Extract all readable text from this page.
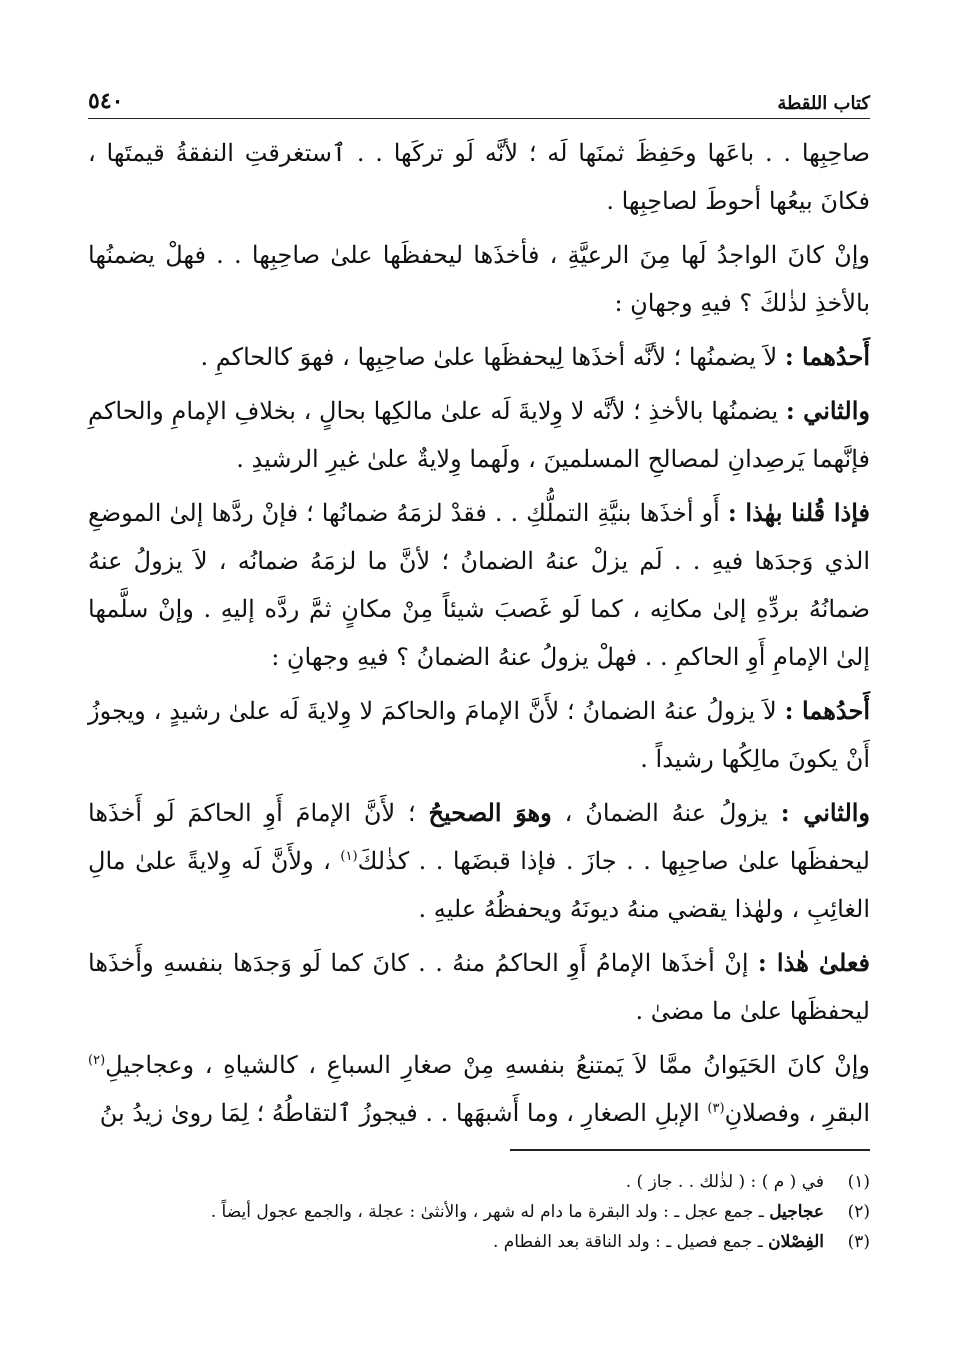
كتاب اللقطة
٥٤٠

صاحِبِها . . باعَها وحَفِظَ ثمنَها لَه ؛ لأنَّه لَو تركَها . . ٱستغرقتِ النفقةُ قيمتَها ، فكانَ بيعُها أحوطَ لصاحِبِها .

وإنْ كانَ الواجدُ لَها مِنَ الرعيَّةِ ، فأخذَها ليحفظَها علىٰ صاحِبِها . . فهلْ يضمنُها بالأخذِ لذٰلكَ ؟ فيهِ وجهانِ :

أَحدُهما : لاَ يضمنُها ؛ لأنَّه أخذَها لِيحفظَها علىٰ صاحِبِها ، فهوَ كالحاكمِ .

والثاني : يضمنُها بالأخذِ ؛ لأنَّه لا وِلايةَ لَه علىٰ مالكِها بحالٍ ، بخلافِ الإمامِ والحاكمِ فإنَّهما يَرصِدانِ لمصالحِ المسلمينَ ، ولَهما وِلايةٌ علىٰ غيرِ الرشيدِ .

فإذا قُلنا بهٰذا : أَو أخذَها بنيَّةِ التملُّكِ . . فقدْ لزمَهُ ضمانُها ؛ فإنْ ردَّها إلىٰ الموضعِ الذي وَجدَها فيهِ . . لَم يزلْ عنهُ الضمانُ ؛ لأنَّ ما لزمَهُ ضمانُه ، لاَ يزولُ عنهُ ضمانُهُ بردِّهِ إلىٰ مكانِه ، كما لَو غَصبَ شيئاً مِنْ مكانٍ ثمَّ ردَّه إليهِ . وإنْ سلَّمها إلىٰ الإمامِ أَوِ الحاكمِ . . فهلْ يزولُ عنهُ الضمانُ ؟ فيهِ وجهانِ :

أَحدُهما : لاَ يزولُ عنهُ الضمانُ ؛ لأَنَّ الإمامَ والحاكمَ لا وِلايةَ لَه علىٰ رشيدٍ ، ويجوزُ أَنْ يكونَ مالِكُها رشيداً .

والثاني : يزولُ عنهُ الضمانُ ، وهوَ الصحيحُ ؛ لأَنَّ الإمامَ أَوِ الحاكمَ لَو أَخذَها ليحفظَها علىٰ صاحِبِها . . جازَ . فإذا قبضَها . . كذٰلكَ$^{(١)}$ ، ولأَنَّ لَه وِلايةً علىٰ مالِ الغائِبِ ، ولهٰذا يقضي منهُ ديونَهُ ويحفظُهُ عليهِ .

فعلىٰ هٰذا : إنْ أخذَها الإمامُ أَوِ الحاكمُ منهُ . . كانَ كما لَو وَجدَها بنفسهِ وأَخذَها ليحفظَها علىٰ ما مضىٰ .

وإنْ كانَ الحَيَوانُ ممَّا لاَ يَمتنعُ بنفسهِ مِنْ صغارِ السباعِ ، كالشياهِ ، وعجاجيلِ$^{(٢)}$ البقرِ ، وفصلانِ$^{(٣)}$ الإبلِ الصغارِ ، وما أَشبهَها . . فيجوزُ ٱلتقاطُهُ ؛ لِمَا روىٰ زيدُ بنُ

(١)
في ( م ) : ( لذٰلك . . جاز ) .
(٢)
عجاجيل ـ جمع عجل ـ : ولد البقرة ما دام له شهر ، والأنثىٰ : عجلة ، والجمع عجول أيضاً .
(٣)
الفِصْلان ـ جمع فصيل ـ : ولد الناقة بعد الفطام .
